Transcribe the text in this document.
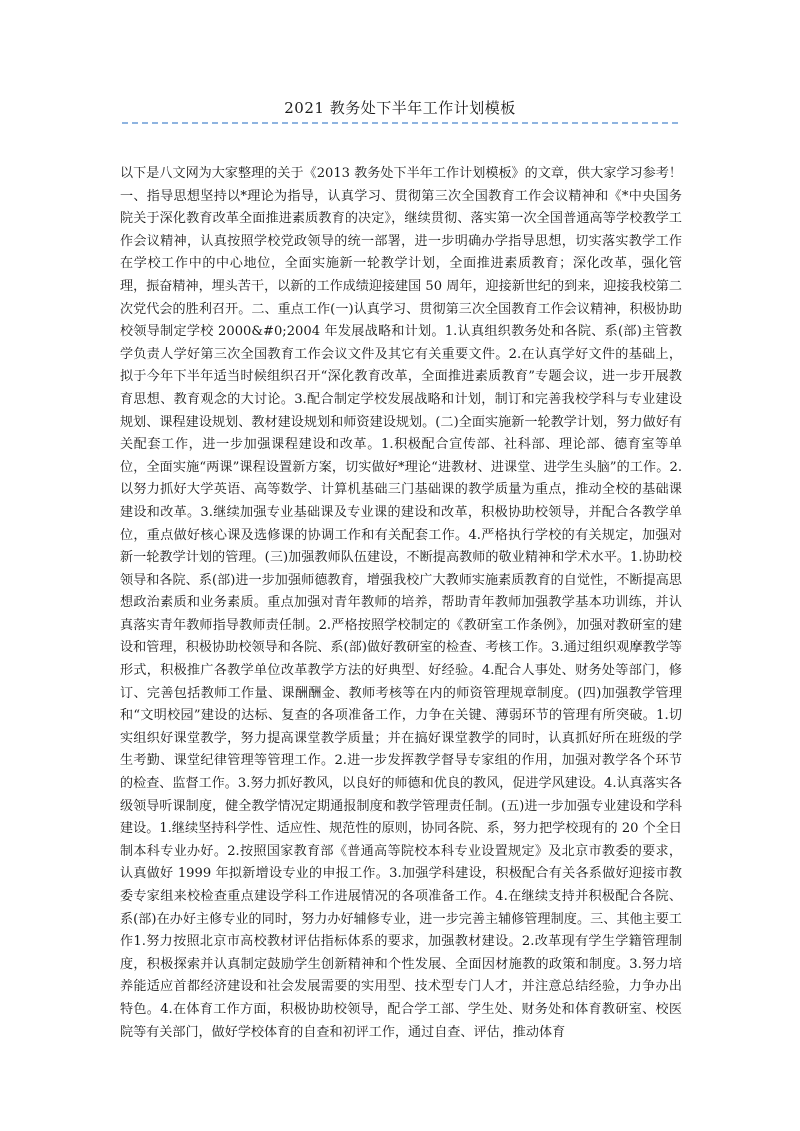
2021 教务处下半年工作计划模板

以下是八文网为大家整理的关于《2013 教务处下半年工作计划模板》的文章，供大家学习参考！　一、指导思想坚持以*理论为指导，认真学习、贯彻第三次全国教育工作会议精神和《*中央国务院关于深化教育改革全面推进素质教育的决定》，继续贯彻、落实第一次全国普通高等学校教学工作会议精神，认真按照学校党政领导的统一部署，进一步明确办学指导思想，切实落实教学工作在学校工作中的中心地位，全面实施新一轮教学计划，全面推进素质教育；深化改革，强化管理，振奋精神，埋头苦干，以新的工作成绩迎接建国 50 周年，迎接新世纪的到来，迎接我校第二次党代会的胜利召开。二、重点工作(一)认真学习、贯彻第三次全国教育工作会议精神，积极协助校领导制定学校 2000&#0;2004 年发展战略和计划。1.认真组织教务处和各院、系(部)主管教学负责人学好第三次全国教育工作会议文件及其它有关重要文件。2.在认真学好文件的基础上，拟于今年下半年适当时候组织召开“深化教育改革，全面推进素质教育”专题会议，进一步开展教育思想、教育观念的大讨论。3.配合制定学校发展战略和计划，制订和完善我校学科与专业建设规划、课程建设规划、教材建设规划和师资建设规划。(二)全面实施新一轮教学计划，努力做好有关配套工作，进一步加强课程建设和改革。1.积极配合宣传部、社科部、理论部、德育室等单位，全面实施“两课”课程设置新方案，切实做好*理论“进教材、进课堂、进学生头脑”的工作。2.以努力抓好大学英语、高等数学、计算机基础三门基础课的教学质量为重点，推动全校的基础课建设和改革。3.继续加强专业基础课及专业课的建设和改革，积极协助校领导，并配合各教学单位，重点做好核心课及选修课的协调工作和有关配套工作。4.严格执行学校的有关规定，加强对新一轮教学计划的管理。(三)加强教师队伍建设，不断提高教师的敬业精神和学术水平。1.协助校领导和各院、系(部)进一步加强师德教育，增强我校广大教师实施素质教育的自觉性，不断提高思想政治素质和业务素质。重点加强对青年教师的培养，帮助青年教师加强教学基本功训练，并认真落实青年教师指导教师责任制。2.严格按照学校制定的《教研室工作条例》，加强对教研室的建设和管理，积极协助校领导和各院、系(部)做好教研室的检查、考核工作。3.通过组织观摩教学等形式，积极推广各教学单位改革教学方法的好典型、好经验。4.配合人事处、财务处等部门，修订、完善包括教师工作量、课酬酬金、教师考核等在内的师资管理规章制度。(四)加强教学管理和“文明校园”建设的达标、复查的各项准备工作，力争在关键、薄弱环节的管理有所突破。1.切实组织好课堂教学，努力提高课堂教学质量；并在搞好课堂教学的同时，认真抓好所在班级的学生考勤、课堂纪律管理等管理工作。2.进一步发挥教学督导专家组的作用，加强对教学各个环节的检查、监督工作。3.努力抓好教风，以良好的师德和优良的教风，促进学风建设。4.认真落实各级领导听课制度，健全教学情况定期通报制度和教学管理责任制。(五)进一步加强专业建设和学科建设。1.继续坚持科学性、适应性、规范性的原则，协同各院、系，努力把学校现有的 20 个全日制本科专业办好。2.按照国家教育部《普通高等院校本科专业设置规定》及北京市教委的要求，认真做好 1999 年拟新增设专业的申报工作。3.加强学科建设，积极配合有关各系做好迎接市教委专家组来校检查重点建设学科工作进展情况的各项准备工作。4.在继续支持并积极配合各院、系(部)在办好主修专业的同时，努力办好辅修专业，进一步完善主辅修管理制度。三、其他主要工作1.努力按照北京市高校教材评估指标体系的要求，加强教材建设。2.改革现有学生学籍管理制度，积极探索并认真制定鼓励学生创新精神和个性发展、全面因材施教的政策和制度。3.努力培养能适应首都经济建设和社会发展需要的实用型、技术型专门人才，并注意总结经验，力争办出特色。4.在体育工作方面，积极协助校领导，配合学工部、学生处、财务处和体育教研室、校医院等有关部门，做好学校体育的自查和初评工作，通过自查、评估，推动体育
